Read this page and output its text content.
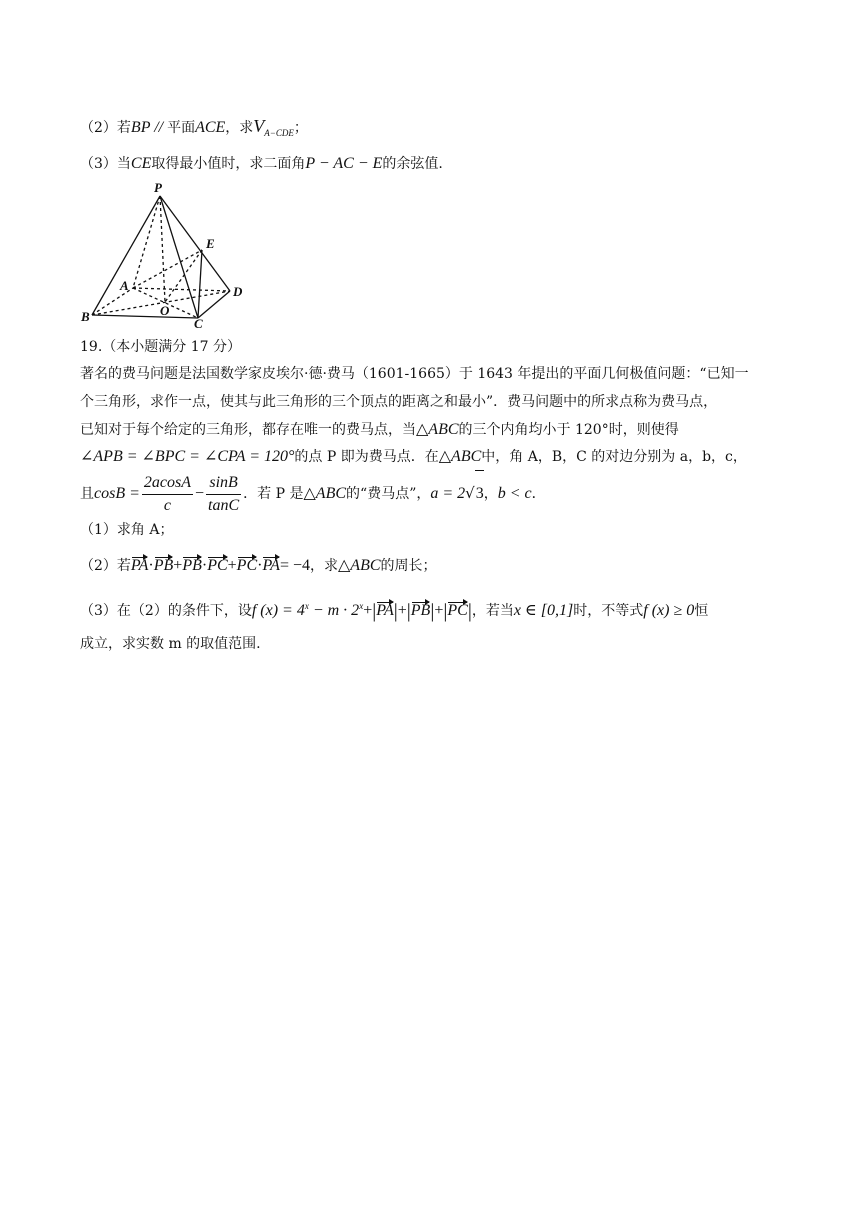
（2）若BP // 平面ACE，求$V_{A-CDE}$；
（3）当CE取得最小值时，求二面角P − AC − E的余弦值.
P
E
A	D
O
B	C
19.（本小题满分 17 分）
著名的费马问题是法国数学家皮埃尔·德·费马（1601-1665）于 1643 年提出的平面几何极值问题：“已知一
个三角形，求作一点，使其与此三角形的三个顶点的距离之和最小”．费马问题中的所求点称为费马点，
已知对于每个给定的三角形，都存在唯一的费马点，当△ABC的三个内角均小于 120°时，则使得
∠APB = ∠BPC = ∠CPA = 120°的点 P 即为费马点．在△ABC中，角 A，B，C 的对边分别为 a，b，c，
且$\cos B = \frac{2acosA}{c} - \frac{\sin B}{\tan C}$ ．若 P 是△ABC的“费马点”，a = 2√3，b < c．
（1）求角 A；
（2）若PA·PB+PB·PC+PC·PA= −4，求△ABC的周长；
（3）在（2）的条件下，设f $(x) = 4^x - m \cdot 2^x+|PA|+|PB|+|PC|$，若当x ∈ [0,1]时，不等式f (x) ≥ 0恒
成立，求实数 m 的取值范围.
